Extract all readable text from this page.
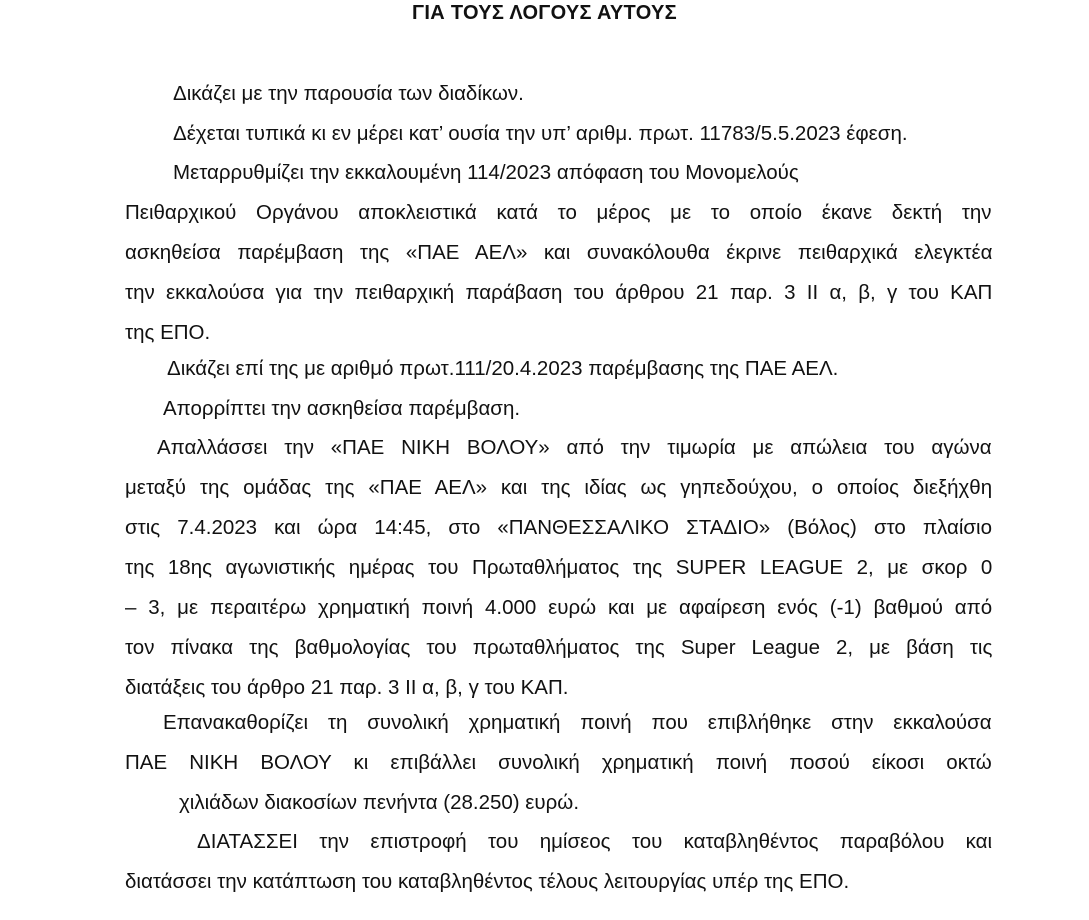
ΓΙΑ ΤΟΥΣ ΛΟΓΟΥΣ ΑΥΤΟΥΣ
Δικάζει με την παρουσία των διαδίκων.
Δέχεται τυπικά κι εν μέρει κατ’ ουσία την υπ’ αριθμ. πρωτ. 11783/5.5.2023 έφεση.
Μεταρρυθμίζει την εκκαλουμένη 114/2023 απόφαση του Μονομελούς
Πειθαρχικού Οργάνου αποκλειστικά κατά το μέρος με το οποίο έκανε δεκτή την
ασκηθείσα παρέμβαση της «ΠΑΕ ΑΕΛ» και συνακόλουθα έκρινε πειθαρχικά ελεγκτέα
την εκκαλούσα για την πειθαρχική παράβαση του άρθρου 21 παρ. 3 ΙΙ α, β, γ του ΚΑΠ
της ΕΠΟ.
Δικάζει επί της με αριθμό πρωτ.111/20.4.2023 παρέμβασης της ΠΑΕ ΑΕΛ.
Απορρίπτει την ασκηθείσα παρέμβαση.
Απαλλάσσει την «ΠΑΕ ΝΙΚΗ ΒΟΛΟΥ» από την τιμωρία με απώλεια του αγώνα
μεταξύ της ομάδας της «ΠΑΕ ΑΕΛ» και της ιδίας ως γηπεδούχου, ο οποίος διεξήχθη
στις 7.4.2023 και ώρα 14:45, στο «ΠΑΝΘΕΣΣΑΛΙΚΟ ΣΤΑΔΙΟ» (Βόλος) στο πλαίσιο
της 18ης αγωνιστικής ημέρας του Πρωταθλήματος της SUPER LEAGUE 2, με σκορ 0
– 3, με περαιτέρω χρηματική ποινή 4.000 ευρώ και με αφαίρεση ενός (-1) βαθμού από
τον πίνακα της βαθμολογίας του πρωταθλήματος της Super League 2, με βάση τις
διατάξεις του άρθρο 21 παρ. 3 ΙΙ α, β, γ του ΚΑΠ.
Επανακαθορίζει τη συνολική χρηματική ποινή που επιβλήθηκε στην εκκαλούσα
ΠΑΕ ΝΙΚΗ ΒΟΛΟΥ κι επιβάλλει συνολική χρηματική ποινή ποσού είκοσι οκτώ
χιλιάδων διακοσίων πενήντα (28.250) ευρώ.
ΔΙΑΤΑΣΣΕΙ την επιστροφή του ημίσεος του καταβληθέντος παραβόλου και
διατάσσει την κατάπτωση του καταβληθέντος τέλους λειτουργίας υπέρ της ΕΠΟ.
